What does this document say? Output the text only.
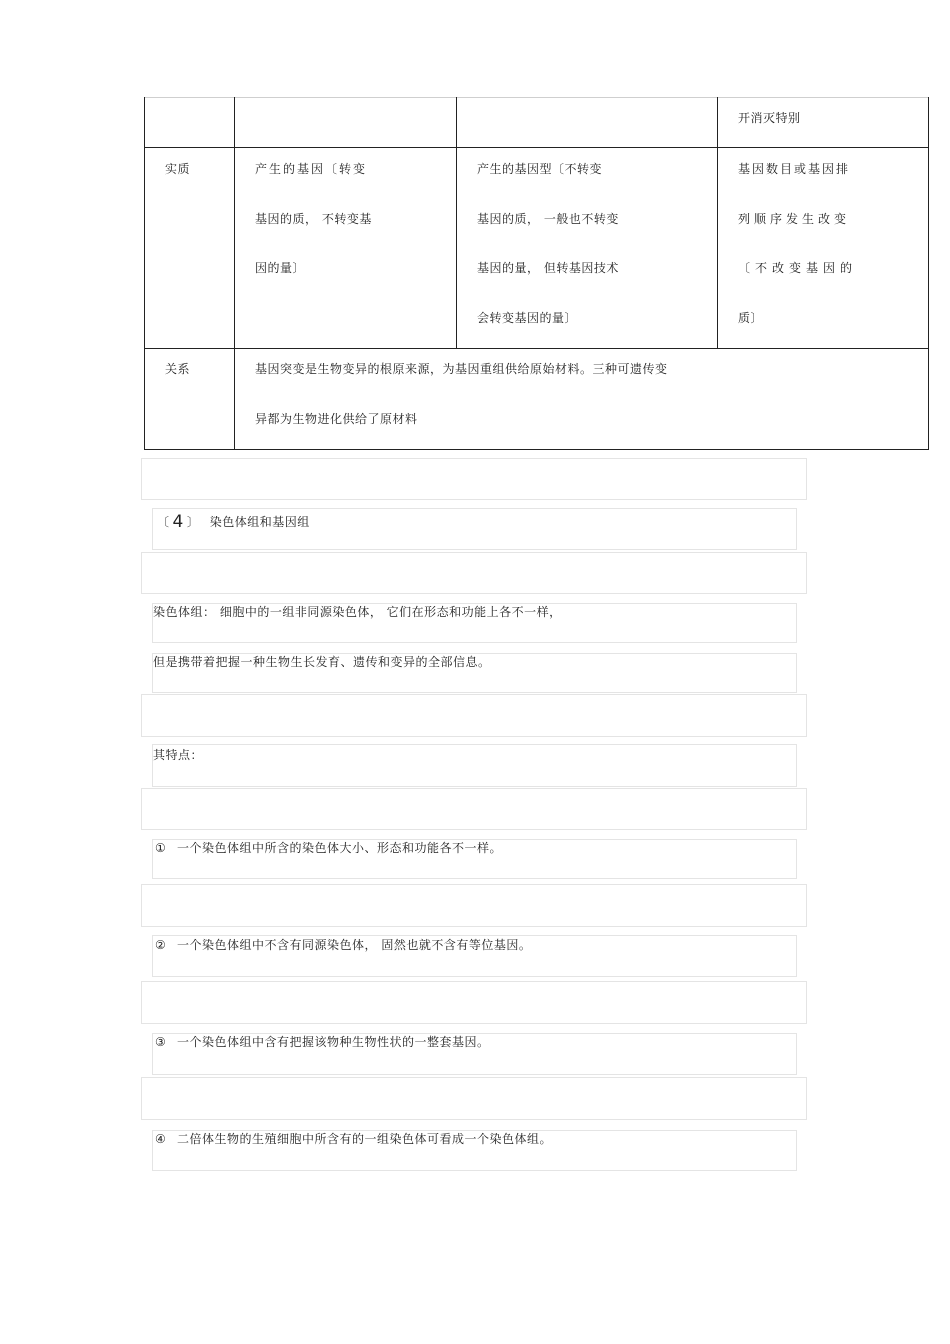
开消灭特别
实质	产生的基因〔转变
基因的质， 不转变基
因的量〕
产生的基因型〔不转变
基因的质， 一般也不转变
基因的量， 但转基因技术
会转变基因的量〕
基因数目或基因排
列顺序发生改变
〔不改变基因的
质〕
关系	基因突变是生物变异的根原来源，为基因重组供给原始材料。三种可遗传变
异都为生物进化供给了原材料
〔 4 〕 染色体组和基因组
染色体组： 细胞中的一组非同源染色体， 它们在形态和功能上各不一样，
但是携带着把握一种生物生长发育、遗传和变异的全部信息。
其特点：
① 一个染色体组中所含的染色体大小、形态和功能各不一样。
② 一个染色体组中不含有同源染色体， 固然也就不含有等位基因。
③ 一个染色体组中含有把握该物种生物性状的一整套基因。
④ 二倍体生物的生殖细胞中所含有的一组染色体可看成一个染色体组。
